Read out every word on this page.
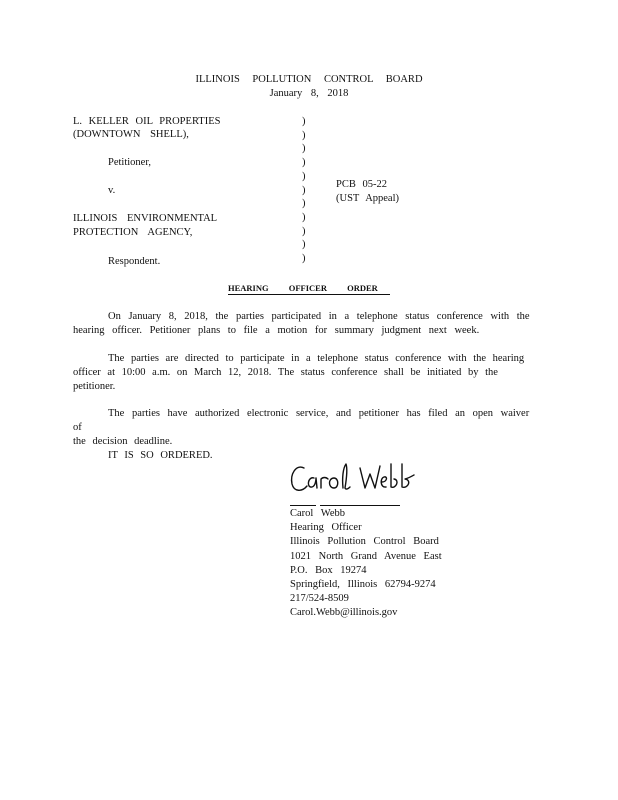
ILLINOIS POLLUTION CONTROL BOARD
January 8, 2018
L. KELLER OIL PROPERTIES
(DOWNTOWN SHELL),
Petitioner,
v.
ILLINOIS ENVIRONMENTAL
PROTECTION AGENCY,
Respondent.
)
)
)
)
)
)
)
)
)
)
)
PCB 05-22
(UST Appeal)
HEARING OFFICER ORDER

On January 8, 2018, the parties participated in a telephone status conference with the

hearing officer. Petitioner plans to file a motion for summary judgment next week.

The parties are directed to participate in a telephone status conference with the hearing

officer at 10:00 a.m. on March 12, 2018. The status conference shall be initiated by the

petitioner.

The parties have authorized electronic service, and petitioner has filed an open waiver of

the decision deadline.

IT IS SO ORDERED.
Carol Webb
Hearing Officer
Illinois Pollution Control Board
1021 North Grand Avenue East
P.O. Box 19274
Springfield, Illinois 62794-9274
217/524-8509
Carol.Webb@illinois.gov
